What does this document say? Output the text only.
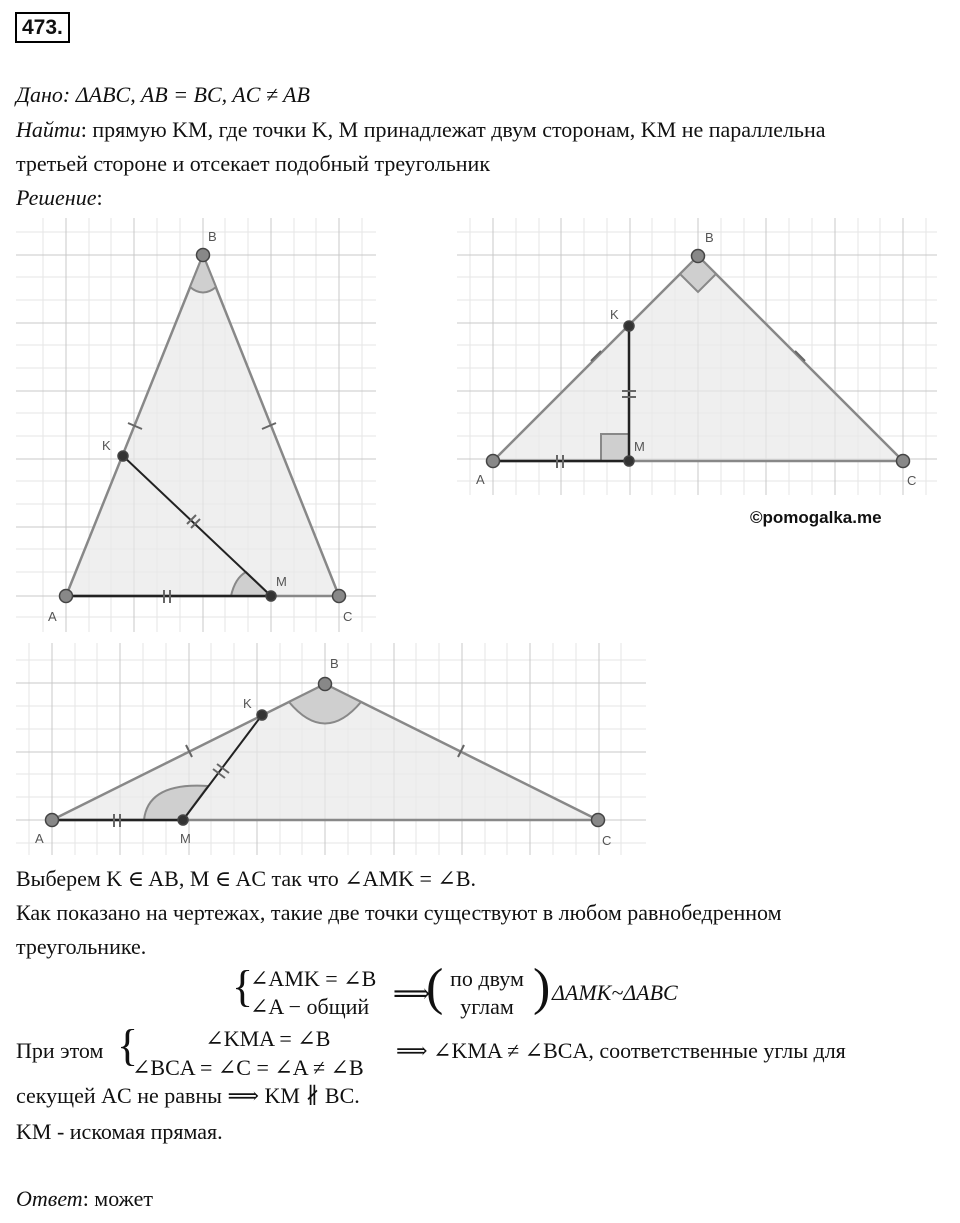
473.
Дано: ΔABC, AB = BC, AC ≠ AB
Найти: прямую KM, где точки K, M принадлежат двум сторонам, KM не параллельна
третьей стороне и отсекает подобный треугольник
Решение:
A
B
C
K
M
A
B
C
K
M
©pomogalka.me
A
B
C
K
M
Выберем K ∈ AB, M ∈ AC так что ∠AMK = ∠B.
Как показано на чертежах, такие две точки существуют в любом равнобедренном
треугольнике.
{
∠AMK = ∠B
∠A − общий ⟹
( по двум
углам ) ΔAMK~ΔABC
При этом {	∠KMA = ∠B
∠BCA = ∠C = ∠A ≠ ∠B
⟹ ∠KMA ≠ ∠BCA, соответственные углы для
секущей AC не равны ⟹ KM ∦ BC.
KM - искомая прямая.
Ответ: может
